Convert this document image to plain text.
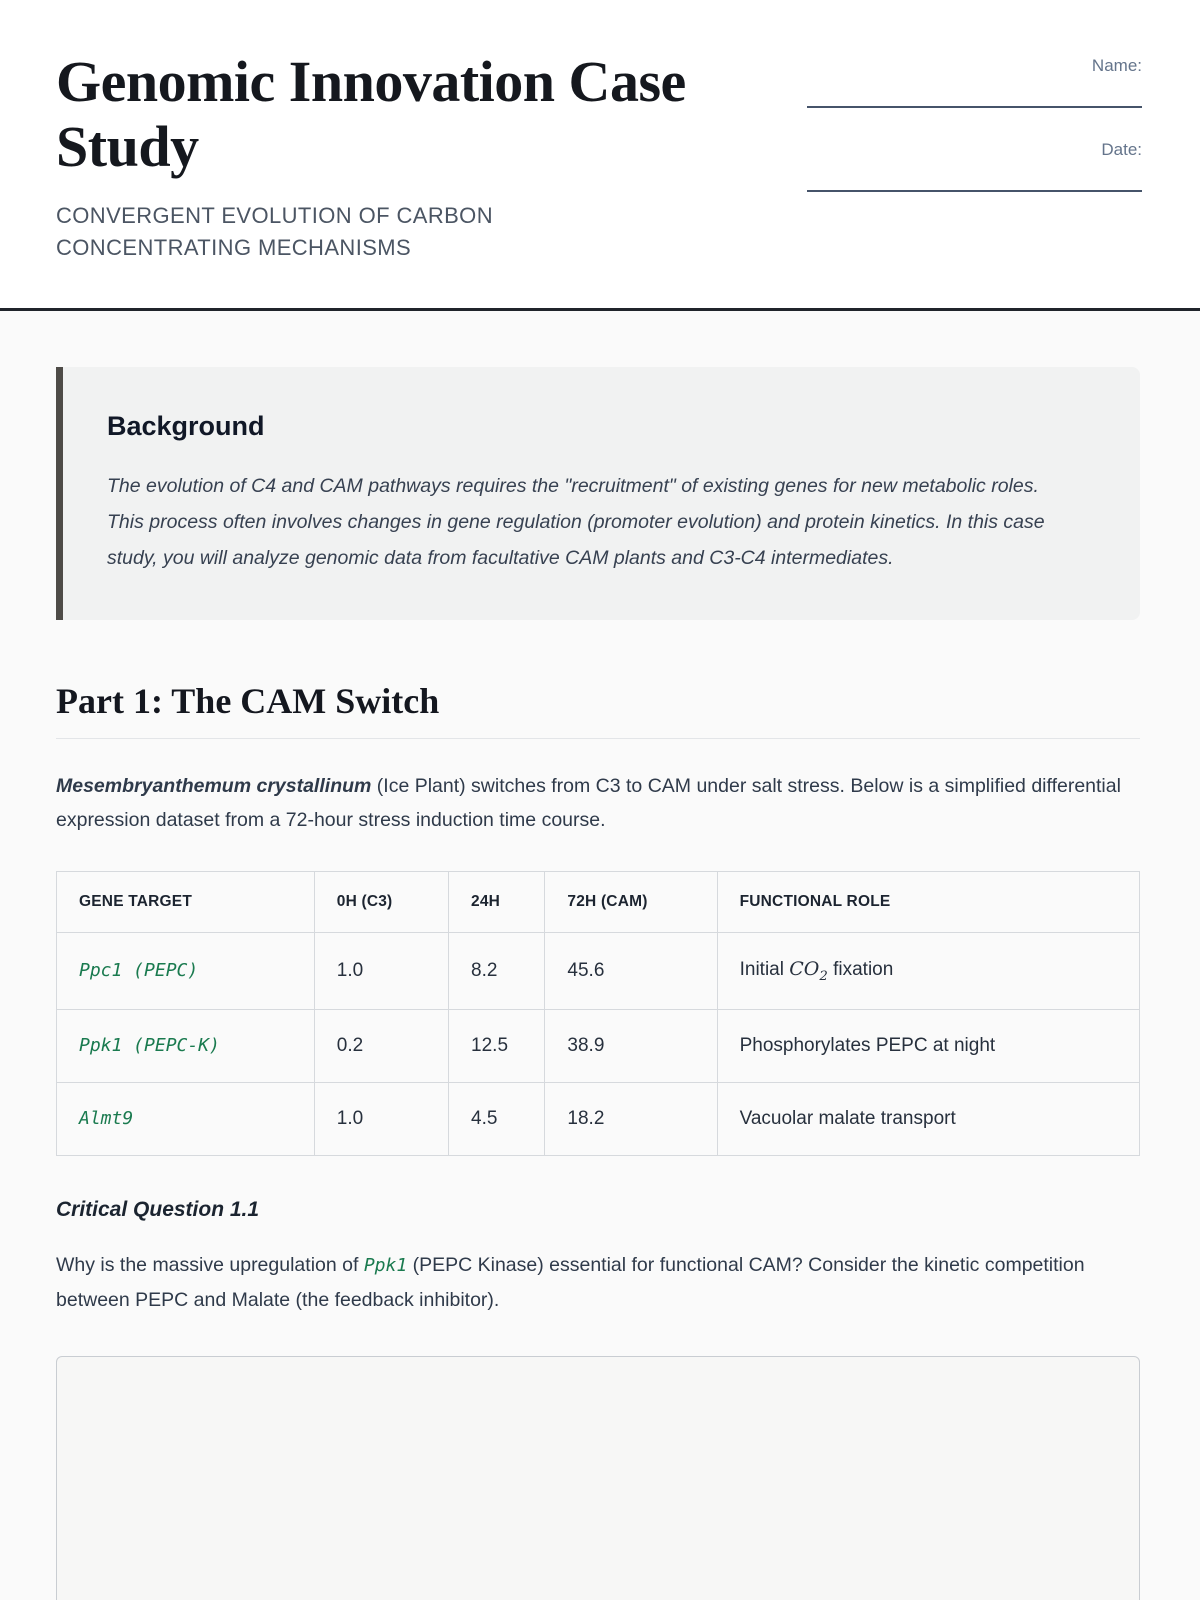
Genomic Innovation Case Study
CONVERGENT EVOLUTION OF CARBON CONCENTRATING MECHANISMS
Name:
Date:
Background

The evolution of C4 and CAM pathways requires the "recruitment" of existing genes for new metabolic roles. This process often involves changes in gene regulation (promoter evolution) and protein kinetics. In this case study, you will analyze genomic data from facultative CAM plants and C3-C4 intermediates.

Part 1: The CAM Switch

Mesembryanthemum crystallinum (Ice Plant) switches from C3 to CAM under salt stress. Below is a simplified differential expression dataset from a 72-hour stress induction time course.

GENE TARGET	0H (C3)	24H	72H (CAM)	FUNCTIONAL ROLE
Ppc1 (PEPC)	1.0	8.2	45.6	Initial $CO_2$ fixation
Ppk1 (PEPC-K)	0.2	12.5	38.9	Phosphorylates PEPC at night
Almt9	1.0	4.5	18.2	Vacuolar malate transport
Critical Question 1.1

Why is the massive upregulation of Ppk1 (PEPC Kinase) essential for functional CAM? Consider the kinetic competition between PEPC and Malate (the feedback inhibitor).
